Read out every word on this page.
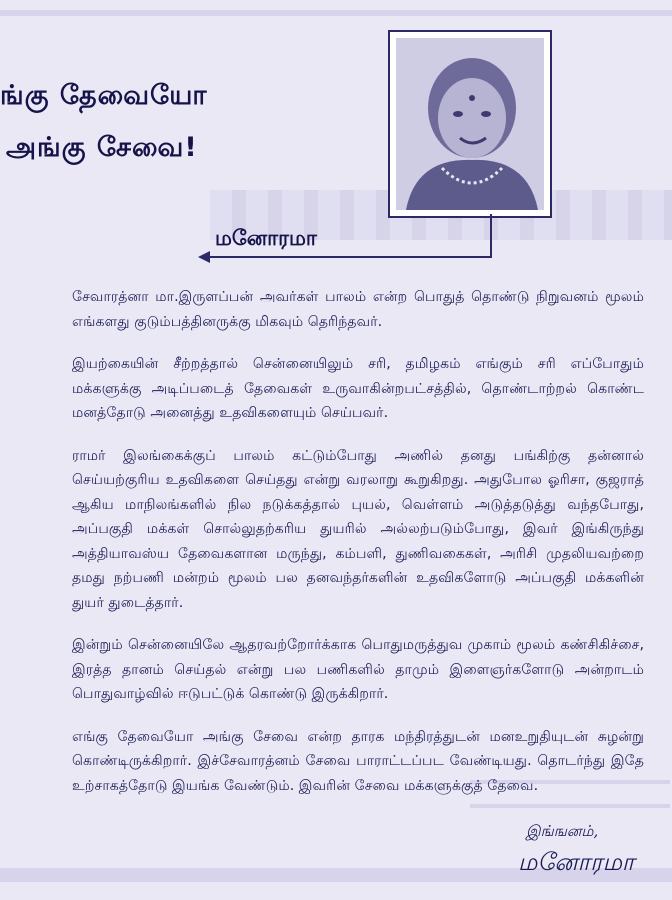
ங்கு தேவையோ
அங்கு சேவை!
மனோரமா

சேவாரத்னா மா.இருளப்பன் அவர்கள் பாலம் என்ற பொதுத் தொண்டு நிறுவனம் மூலம் எங்களது குடும்பத்தினருக்கு மிகவும் தெரிந்தவர்.

இயற்கையின் சீற்றத்தால் சென்னையிலும் சரி, தமிழகம் எங்கும் சரி எப்போதும் மக்களுக்கு அடிப்படைத் தேவைகள் உருவாகின்றபட்சத்தில், தொண்டாற்றல் கொண்ட மனத்தோடு அனைத்து உதவிகளையும் செய்பவர்.

ராமர் இலங்கைக்குப் பாலம் கட்டும்போது அணில் தனது பங்கிற்கு தன்னால் செய்யற்குரிய உதவிகளை செய்தது என்று வரலாறு கூறுகிறது. அதுபோல ஓரிசா, குஜராத் ஆகிய மாநிலங்களில் நில நடுக்கத்தால் புயல், வெள்ளம் அடுத்தடுத்து வந்தபோது, அப்பகுதி மக்கள் சொல்லுதற்கரிய துயரில் அல்லற்படும்போது, இவர் இங்கிருந்து அத்தியாவஸ்ய தேவைகளான மருந்து, கம்பளி, துணிவகைகள், அரிசி முதலியவற்றை தமது நற்பணி மன்றம் மூலம் பல தனவந்தர்களின் உதவிகளோடு அப்பகுதி மக்களின் துயர் துடைத்தார்.

இன்றும் சென்னையிலே ஆதரவற்றோர்க்காக பொதுமருத்துவ முகாம் மூலம் கண்சிகிச்சை, இரத்த தானம் செய்தல் என்று பல பணிகளில் தாமும் இளைஞர்களோடு அன்றாடம் பொதுவாழ்வில் ஈடுபட்டுக் கொண்டு இருக்கிறார்.

எங்கு தேவையோ அங்கு சேவை என்ற தாரக மந்திரத்துடன் மனஉறுதியுடன் சுழன்று கொண்டிருக்கிறார். இச்சேவாரத்னம் சேவை பாராட்டப்பட வேண்டியது. தொடர்ந்து இதே உற்சாகத்தோடு இயங்க வேண்டும். இவரின் சேவை மக்களுக்குத் தேவை.

இங்ஙனம்,
மனோரமா
